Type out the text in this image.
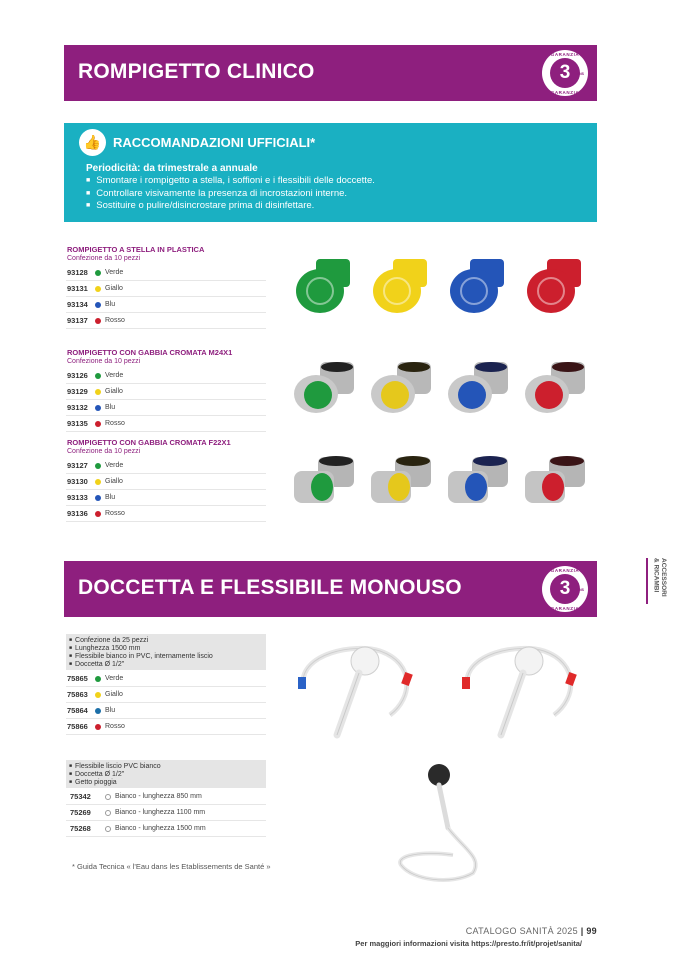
ROMPIGETTO CLINICO
GARANZIA
3	ANS
GARANZIA
👍 RACCOMANDAZIONI UFFICIALI*
Periodicità: da trimestrale a annuale
■ Smontare i rompigetto a stella, i soffioni e i flessibili delle doccette.
■ Controllare visivamente la presenza di incrostazioni interne.
■ Sostituire o pulire/disincrostare prima di disinfettare.
ROMPIGETTO A STELLA IN PLASTICA
Confezione da 10 pezzi
93128	Verde
93131	Giallo
93134	Blu
93137	Rosso
ROMPIGETTO CON GABBIA CROMATA M24X1
Confezione da 10 pezzi
93126	Verde
93129	Giallo
93132	Blu
93135	Rosso
ROMPIGETTO CON GABBIA CROMATA F22X1
Confezione da 10 pezzi
93127	Verde
93130	Giallo
93133	Blu
93136	Rosso
DOCCETTA E FLESSIBILE MONOUSO
GARANZIA
3	ANS
GARANZIA
ACCESSORI
& RICAMBI
■ Confezione da 25 pezzi
■ Lunghezza 1500 mm
■ Flessibile bianco in PVC, internamente liscio
■ Doccetta Ø 1/2"
75865	Verde
75863	Giallo
75864	Blu
75866	Rosso
■ Flessibile liscio PVC bianco
■ Doccetta Ø 1/2"
■ Getto pioggia
75342	Bianco - lunghezza 850 mm
75269	Bianco - lunghezza 1100 mm
75268	Bianco - lunghezza 1500 mm
* Guida Tecnica « l'Eau dans les Etablissements de Santé »
CATALOGO SANITÀ 2025 | 99
Per maggiori informazioni visita https://presto.fr/it/projet/sanita/
